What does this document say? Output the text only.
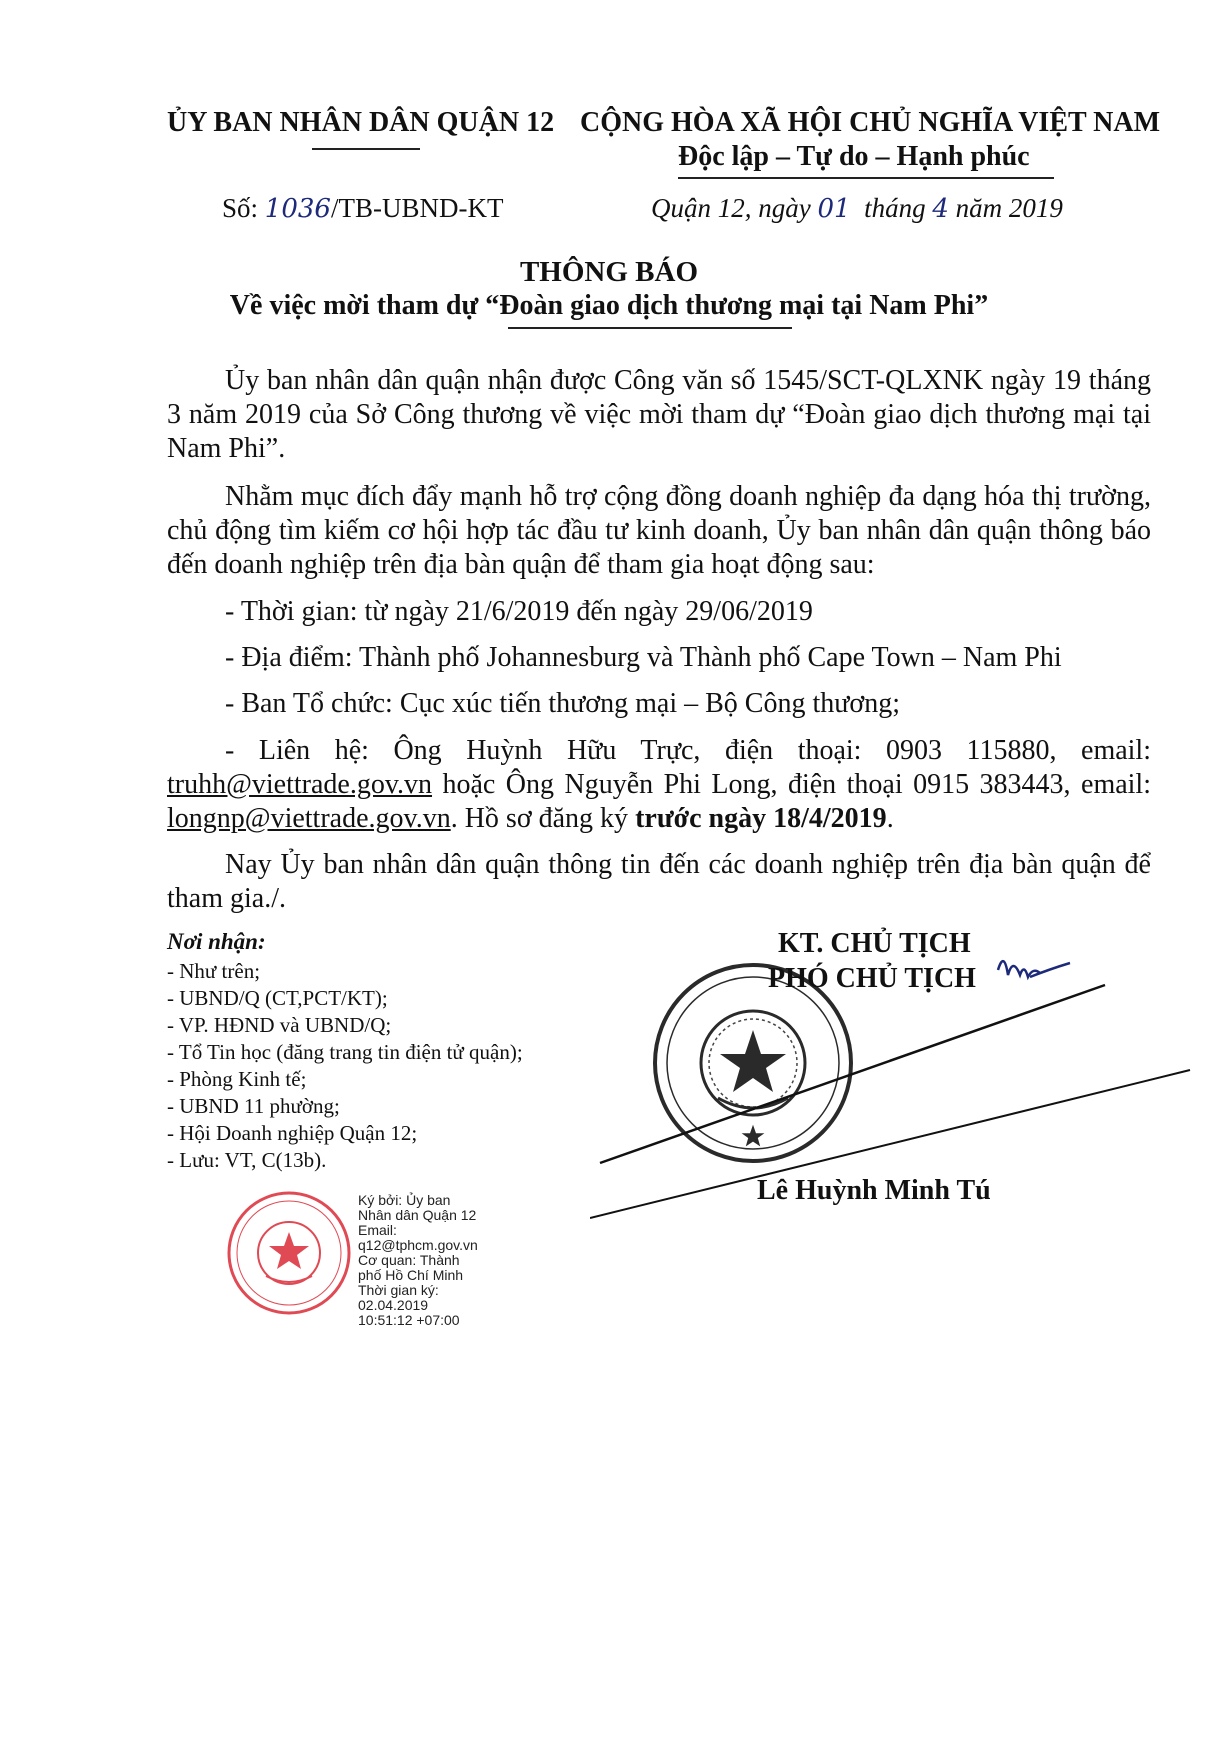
ỦY BAN NHÂN DÂN QUẬN 12 CỘNG HÒA XÃ HỘI CHỦ NGHĨA VIỆT NAM
Độc lập – Tự do – Hạnh phúc
Số: 1036/TB-UBND-KT	Quận 12, ngày 01 tháng 4 năm 2019
THÔNG BÁO
Về việc mời tham dự “Đoàn giao dịch thương mại tại Nam Phi”
Ủy ban nhân dân quận nhận được Công văn số 1545/SCT-QLXNK ngày 19 tháng 3 năm 2019 của Sở Công thương về việc mời tham dự “Đoàn giao dịch thương mại tại Nam Phi”.
Nhằm mục đích đẩy mạnh hỗ trợ cộng đồng doanh nghiệp đa dạng hóa thị trường, chủ động tìm kiếm cơ hội hợp tác đầu tư kinh doanh, Ủy ban nhân dân quận thông báo đến doanh nghiệp trên địa bàn quận để tham gia hoạt động sau:
- Thời gian: từ ngày 21/6/2019 đến ngày 29/06/2019
- Địa điểm: Thành phố Johannesburg và Thành phố Cape Town – Nam Phi
- Ban Tổ chức: Cục xúc tiến thương mại – Bộ Công thương;
- Liên hệ: Ông Huỳnh Hữu Trực, điện thoại: 0903 115880, email: truhh@viettrade.gov.vn hoặc Ông Nguyễn Phi Long, điện thoại 0915 383443, email: longnp@viettrade.gov.vn. Hồ sơ đăng ký trước ngày 18/4/2019.
Nay Ủy ban nhân dân quận thông tin đến các doanh nghiệp trên địa bàn quận để tham gia./.
Nơi nhận:
- Như trên;
- UBND/Q (CT,PCT/KT);
- VP. HĐND và UBND/Q;
- Tổ Tin học (đăng trang tin điện tử quận);
- Phòng Kinh tế;
- UBND 11 phường;
- Hội Doanh nghiệp Quận 12;
- Lưu: VT, C(13b).
KT. CHỦ TỊCH
PHÓ CHỦ TỊCH
Lê Huỳnh Minh Tú
Ký bởi: Ủy ban
Nhân dân Quận 12
Email:
q12@tphcm.gov.vn
Cơ quan: Thành
phố Hồ Chí Minh
Thời gian ký:
02.04.2019
10:51:12 +07:00
